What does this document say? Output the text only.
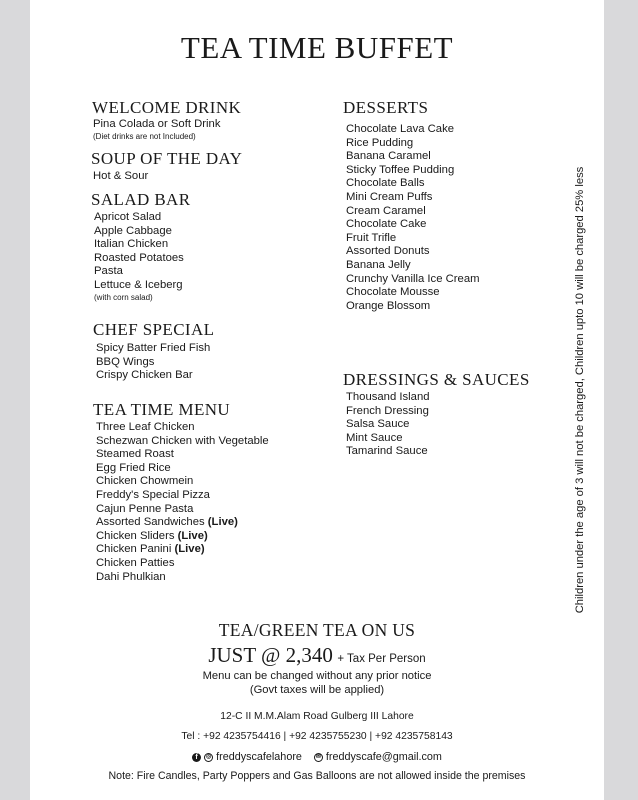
TEA TIME BUFFET
WELCOME DRINK
Pina Colada or Soft Drink
(Diet drinks are not Included)
SOUP OF THE DAY
Hot & Sour
SALAD BAR
Apricot Salad
Apple Cabbage
Italian Chicken
Roasted Potatoes
Pasta
Lettuce & Iceberg
(with corn salad)
CHEF SPECIAL
Spicy Batter Fried Fish
BBQ Wings
Crispy Chicken Bar
TEA TIME MENU
Three Leaf Chicken
Schezwan Chicken with Vegetable
Steamed Roast
Egg Fried Rice
Chicken Chowmein
Freddy's Special Pizza
Cajun Penne Pasta
Assorted Sandwiches (Live)
Chicken Sliders (Live)
Chicken Panini (Live)
Chicken Patties
Dahi Phulkian
DESSERTS
Chocolate Lava Cake
Rice Pudding
Banana Caramel
Sticky Toffee Pudding
Chocolate Balls
Mini Cream Puffs
Cream Caramel
Chocolate Cake
Fruit Trifle
Assorted Donuts
Banana Jelly
Crunchy Vanilla Ice Cream
Chocolate Mousse
Orange Blossom
DRESSINGS & SAUCES
Thousand Island
French Dressing
Salsa Sauce
Mint Sauce
Tamarind Sauce	Children under the age of 3 will not be charged, Children upto 10 will be charged 25% less
TEA/GREEN TEA ON US
JUST @ 2,340 + Tax Per Person
Menu can be changed without any prior notice
(Govt taxes will be applied)
12-C II M.M.Alam Road Gulberg III Lahore
Tel : +92 4235754416 | +92 4235755230 | +92 4235758143
f ◎ freddyscafelahore ✉ freddyscafe@gmail.com
Note: Fire Candles, Party Poppers and Gas Balloons are not allowed inside the premises
